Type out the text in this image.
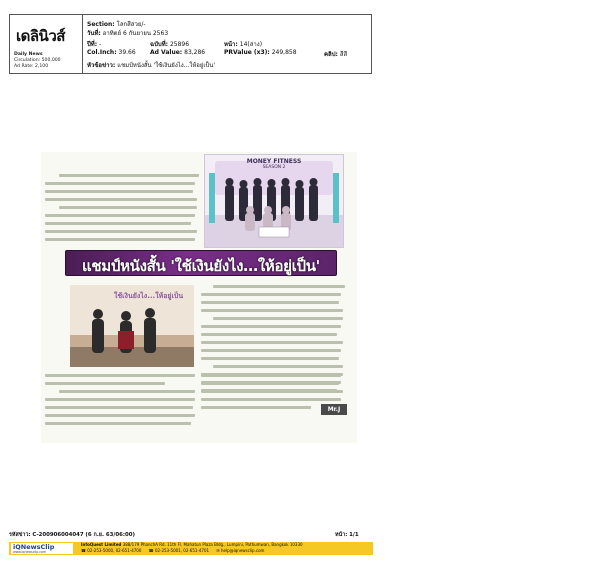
เดลินิวส์
Daily News
Circulation: 500,000
Ad Rate: 2,100
Section: โลกสีสวย/-
วันที่: อาทิตย์ 6 กันยายน 2563
ปีที่: -	ฉบับที่: 25896	หน้า: 14(ล่าง)
Col.Inch: 39.66 Ad Value: 83,286	PRValue (x3): 249,858	คลิป: สีสี
หัวข้อข่าว: แชมป์หนังสั้น 'ใช้เงินยังไง...ให้อยู่เป็น'
MONEY FITNESS
SEASON 2
แชมป์หนังสั้น 'ใช้เงินยังไง…ให้อยู่เป็น'
ใช้เงินยังไง...ให้อยู่เป็น
Mr.J
รหัสข่าว: C-200906004047 (6 ก.ย. 63/06:00)	หน้า: 1/1
iQNewsClip
www.iqnewsclip.com
InfoQuest Limited 388/179 PhanchA Rd. 11th Fl. Mahatun Plaza Bldg., Lumpini, Pathumwan, Bangkok 10330
☎ 02-253-5000, 02-651-4700 ☎ 02-253-5001, 02-651-4701 ✉ help@iqnewsclip.com
